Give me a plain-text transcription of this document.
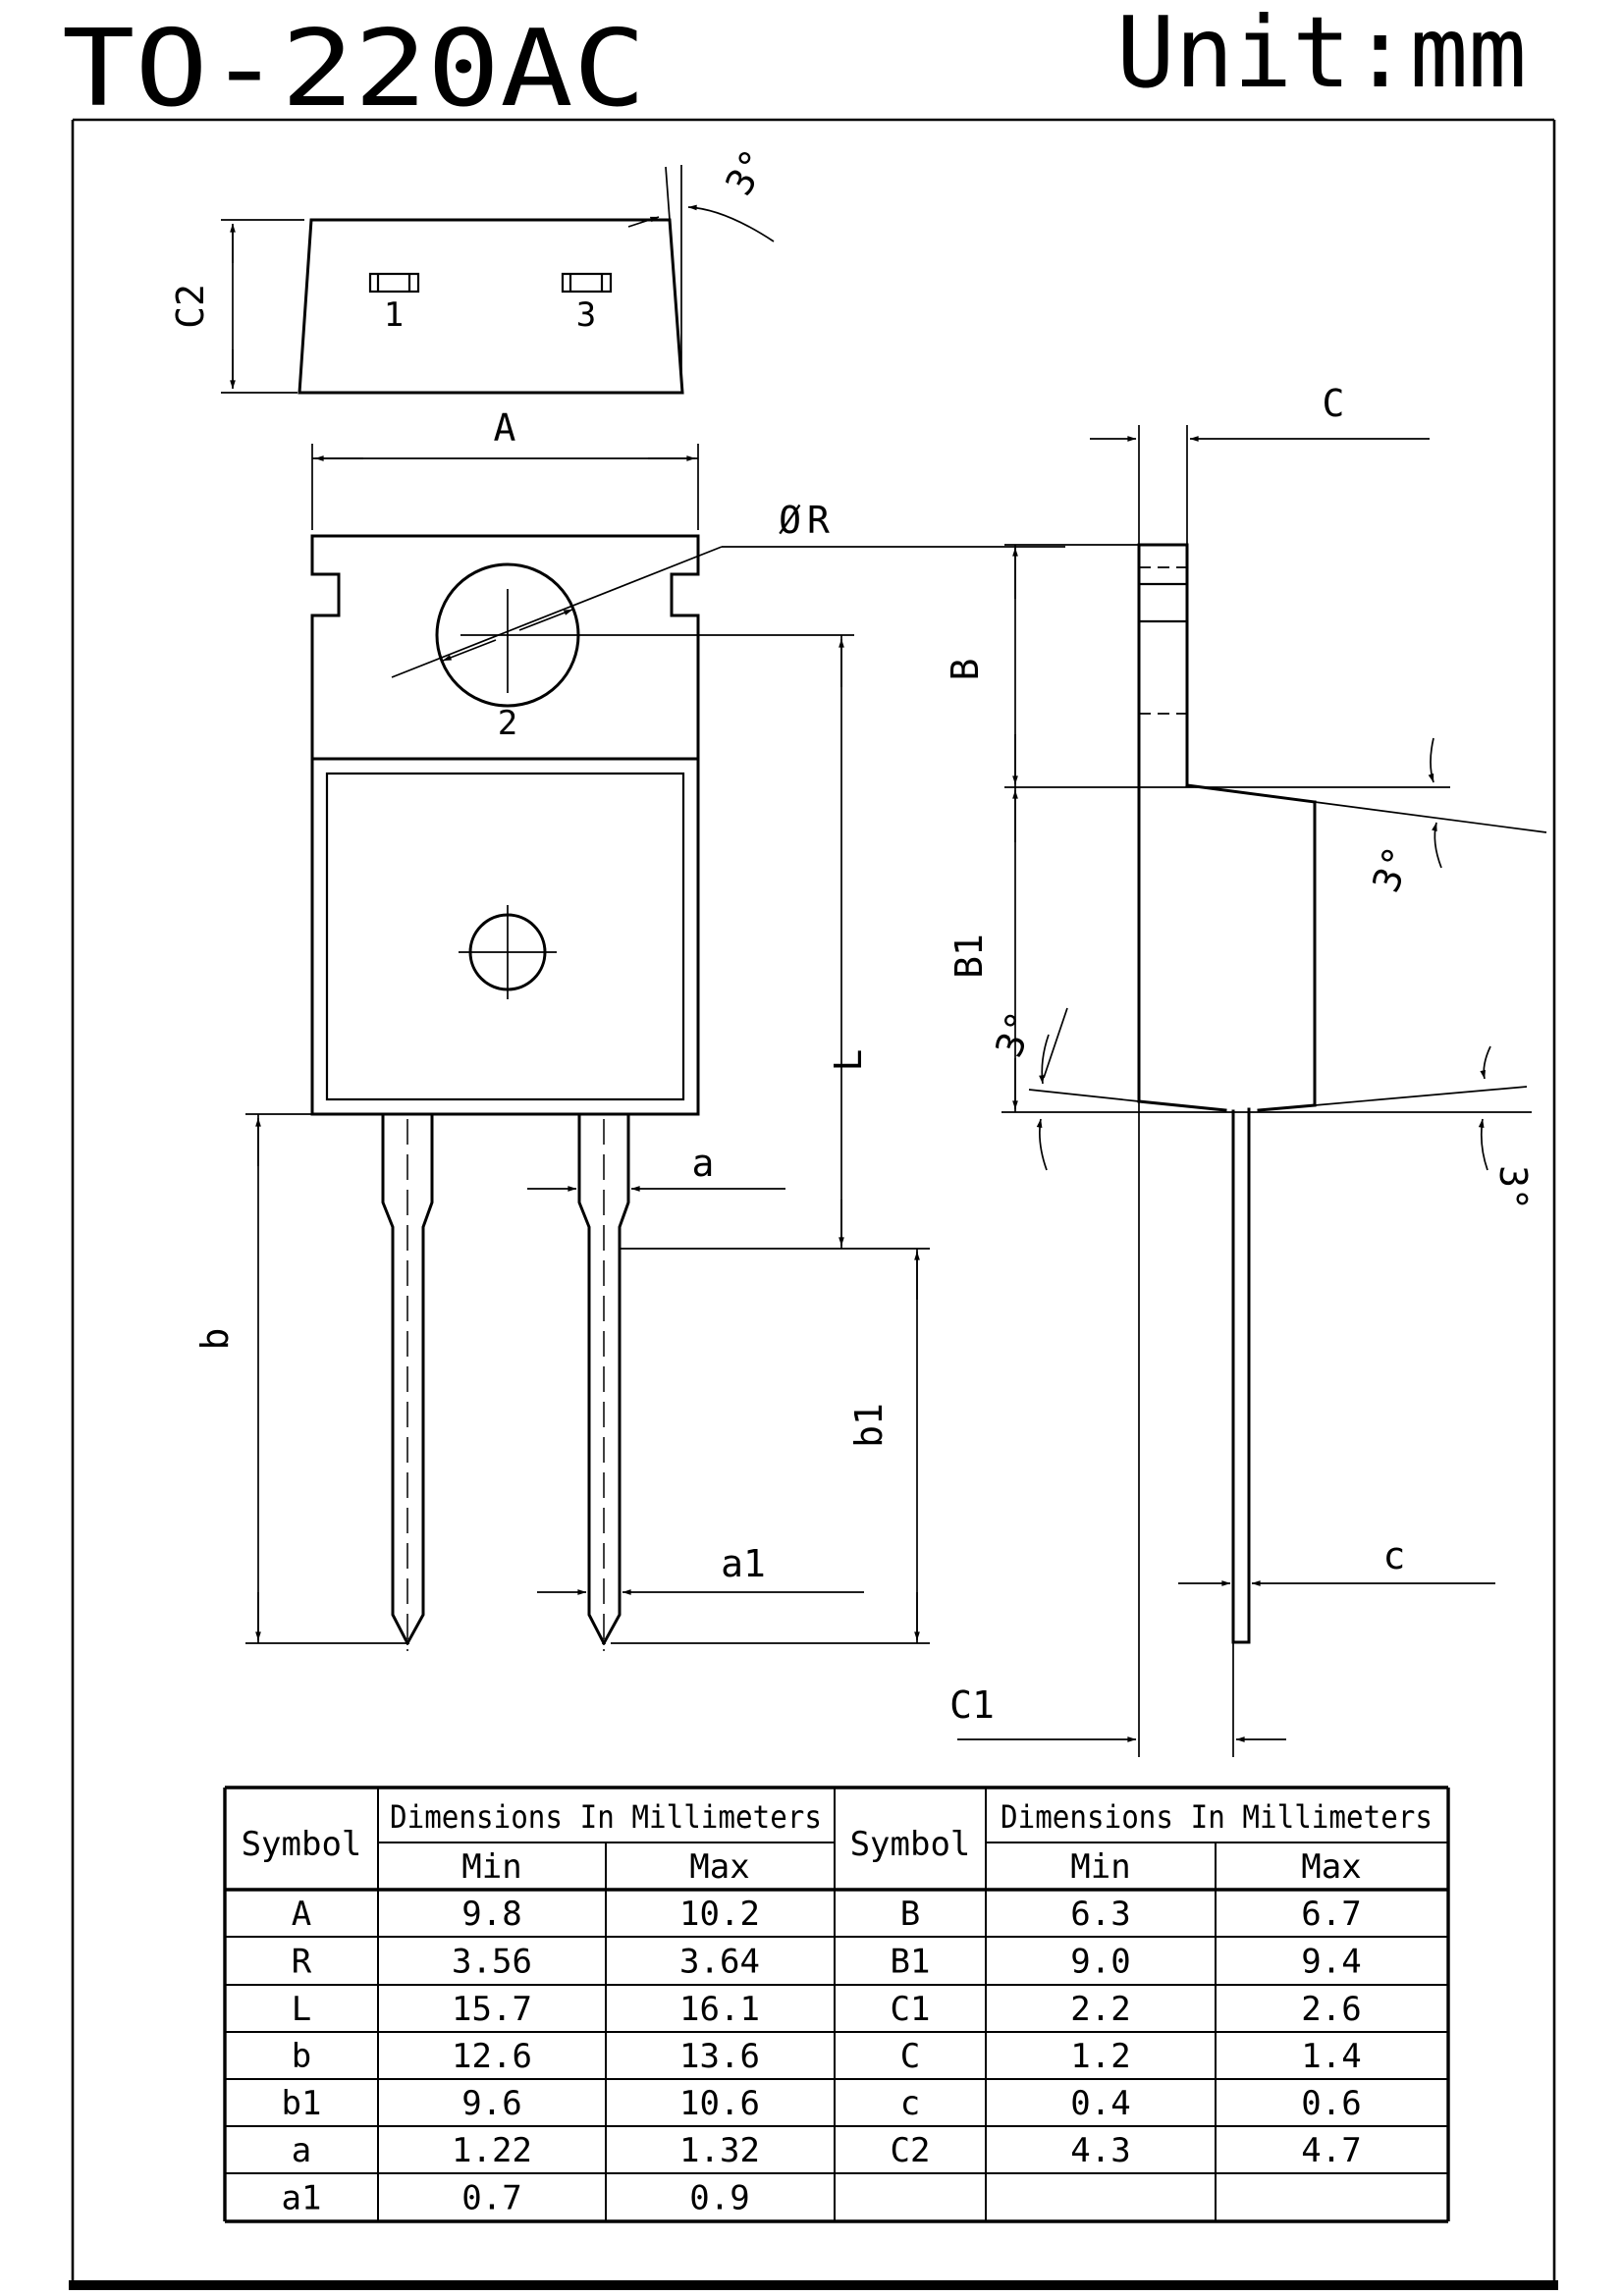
TO-220AC	Unit:mm
1	3
C2
3°
A
ØR
2
L
b
b1
a
a1
C
B
B1
3°
3°
3°
c
C1
Symbol
Dimensions In Millimeters
Min	Max
Symbol
Dimensions In Millimeters
Min	Max
A	9.8	10.2	B	6.3	6.7
R	3.56	3.64	B1	9.0	9.4
L	15.7	16.1	C1	2.2	2.6
b	12.6	13.6	C	1.2	1.4
b1	9.6	10.6	c	0.4	0.6
a	1.22	1.32	C2	4.3	4.7
a1	0.7	0.9
